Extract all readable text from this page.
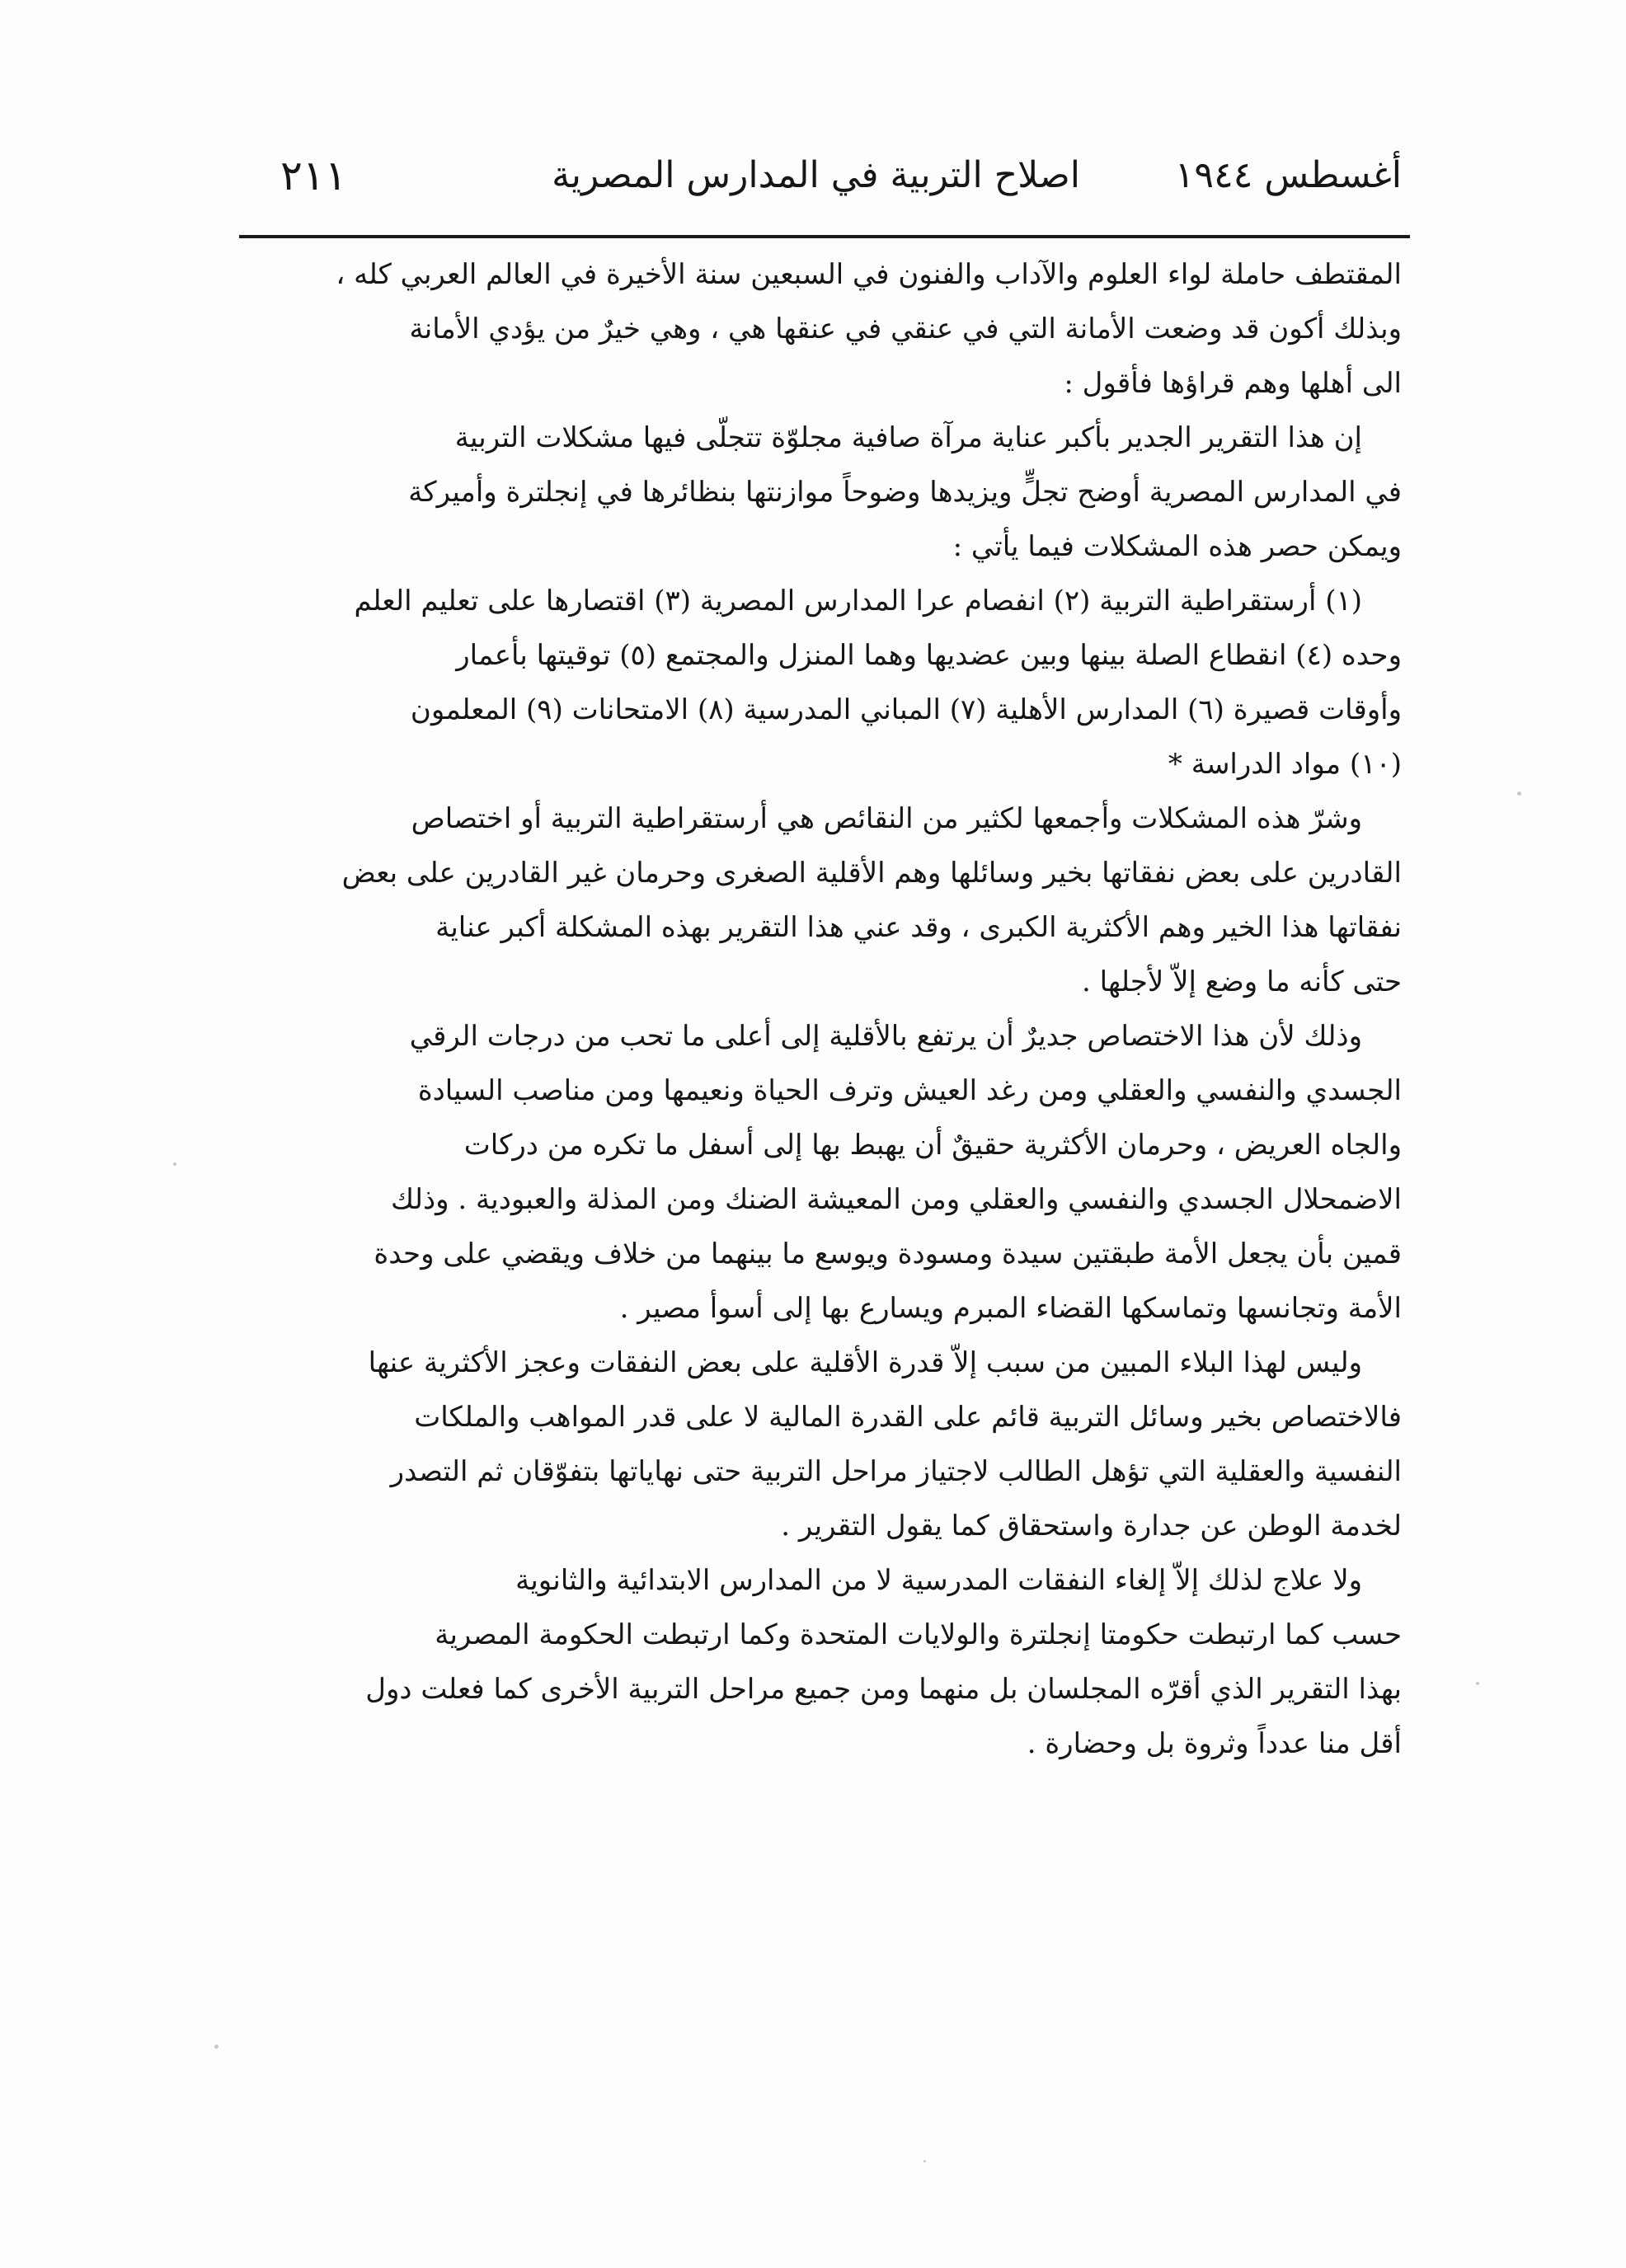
أغسطس ١٩٤٤
اصلاح التربية في المدارس المصرية
٢١١
المقتطف حاملة لواء العلوم والآداب والفنون في السبعين سنة الأخيرة في العالم العربي كله ،
وبذلك أكون قد وضعت الأمانة التي في عنقي في عنقها هي ، وهي خيرٌ من يؤدي الأمانة
الى أهلها وهم قراؤها فأقول :
إن هذا التقرير الجدير بأكبر عناية مرآة صافية مجلوّة تتجلّى فيها مشكلات التربية
في المدارس المصرية أوضح تجلٍّ ويزيدها وضوحاً موازنتها بنظائرها في إنجلترة وأميركة
ويمكن حصر هذه المشكلات فيما يأتي :
(١) أرستقراطية التربية (٢) انفصام عرا المدارس المصرية (٣) اقتصارها على تعليم العلم
وحده (٤) انقطاع الصلة بينها وبين عضديها وهما المنزل والمجتمع (٥) توقيتها بأعمار
وأوقات قصيرة (٦) المدارس الأهلية (٧) المباني المدرسية (٨) الامتحانات (٩) المعلمون
(١٠) مواد الدراسة *
وشرّ هذه المشكلات وأجمعها لكثير من النقائص هي أرستقراطية التربية أو اختصاص
القادرين على بعض نفقاتها بخير وسائلها وهم الأقلية الصغرى وحرمان غير القادرين على بعض
نفقاتها هذا الخير وهم الأكثرية الكبرى ، وقد عني هذا التقرير بهذه المشكلة أكبر عناية
حتى كأنه ما وضع إلاّ لأجلها .
وذلك لأن هذا الاختصاص جديرٌ أن يرتفع بالأقلية إلى أعلى ما تحب من درجات الرقي
الجسدي والنفسي والعقلي ومن رغد العيش وترف الحياة ونعيمها ومن مناصب السيادة
والجاه العريض ، وحرمان الأكثرية حقيقٌ أن يهبط بها إلى أسفل ما تكره من دركات
الاضمحلال الجسدي والنفسي والعقلي ومن المعيشة الضنك ومن المذلة والعبودية . وذلك
قمين بأن يجعل الأمة طبقتين سيدة ومسودة ويوسع ما بينهما من خلاف ويقضي على وحدة
الأمة وتجانسها وتماسكها القضاء المبرم ويسارع بها إلى أسوأ مصير .
وليس لهذا البلاء المبين من سبب إلاّ قدرة الأقلية على بعض النفقات وعجز الأكثرية عنها
فالاختصاص بخير وسائل التربية قائم على القدرة المالية لا على قدر المواهب والملكات
النفسية والعقلية التي تؤهل الطالب لاجتياز مراحل التربية حتى نهاياتها بتفوّقان ثم التصدر
لخدمة الوطن عن جدارة واستحقاق كما يقول التقرير .
ولا علاج لذلك إلاّ إلغاء النفقات المدرسية لا من المدارس الابتدائية والثانوية
حسب كما ارتبطت حكومتا إنجلترة والولايات المتحدة وكما ارتبطت الحكومة المصرية
بهذا التقرير الذي أقرّه المجلسان بل منهما ومن جميع مراحل التربية الأخرى كما فعلت دول
أقل منا عدداً وثروة بل وحضارة .
